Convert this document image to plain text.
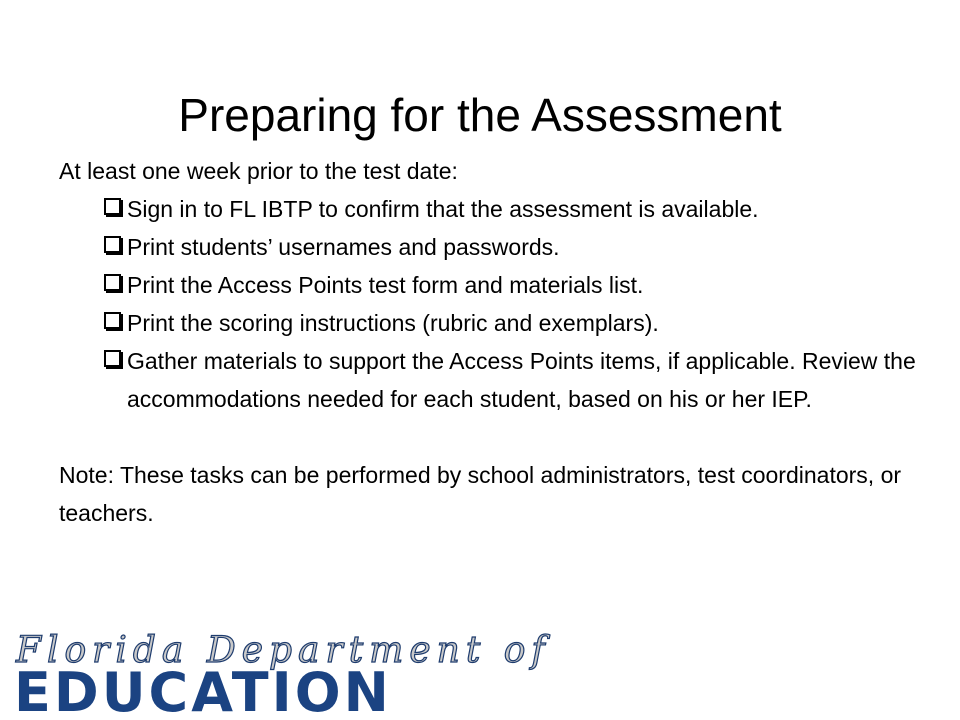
Preparing for the Assessment

At least one week prior to the test date:

Sign in to FL IBTP to confirm that the assessment is available.
Print students’ usernames and passwords.
Print the Access Points test form and materials list.
Print the scoring instructions (rubric and exemplars).
Gather materials to support the Access Points items, if applicable. Review the accommodations needed for each student, based on his or her IEP.

Note: These tasks can be performed by school administrators, test coordinators, or teachers.

Florida Department of
EDUCATION
